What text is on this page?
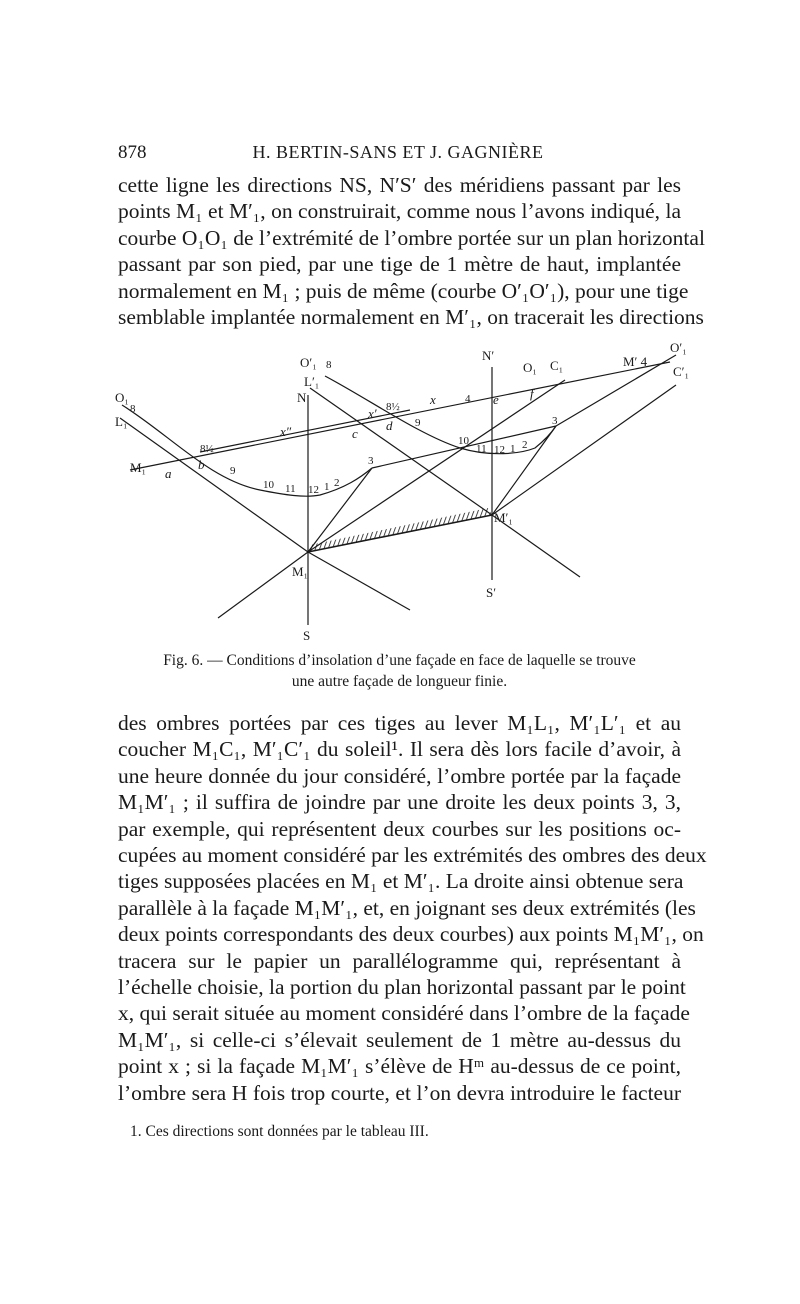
878	H. BERTIN-SANS ET J. GAGNIÈRE
cette ligne les directions NS, N′S′ des méridiens passant par les
points M₁ et M′₁, on construirait, comme nous l’avons indiqué, la
courbe O₁O₁ de l’extrémité de l’ombre portée sur un plan horizontal
passant par son pied, par une tige de 1 mètre de haut, implantée
normalement en M₁ ; puis de même (courbe O′₁O′₁), pour une tige
semblable implantée normalement en M′₁, on tracerait les directions
N
S
N′
S′
M₁
M′₁
M₁
O₁
L₁
O′₁
L′₁
O₁ C₁	M′ 4
O′₁
C′₁
x
x′
x″
a
b
c
d
e f
8
8½
9
10 11 12 1 2
3
8
8½
9
10
11 12 1 2
3
4
Fig. 6. — Conditions d’insolation d’une façade en face de laquelle se trouve
une autre façade de longueur finie.
des ombres portées par ces tiges au lever M₁L₁, M′₁L′₁ et au
coucher M₁C₁, M′₁C′₁ du soleil¹. Il sera dès lors facile d’avoir, à
une heure donnée du jour considéré, l’ombre portée par la façade
M₁M′₁ ; il suffira de joindre par une droite les deux points 3, 3,
par exemple, qui représentent deux courbes sur les positions oc-
cupées au moment considéré par les extrémités des ombres des deux
tiges supposées placées en M₁ et M′₁. La droite ainsi obtenue sera
parallèle à la façade M₁M′₁, et, en joignant ses deux extrémités (les
deux points correspondants des deux courbes) aux points M₁M′₁, on
tracera sur le papier un parallélogramme qui, représentant à
l’échelle choisie, la portion du plan horizontal passant par le point
x, qui serait située au moment considéré dans l’ombre de la façade
M₁M′₁, si celle-ci s’élevait seulement de 1 mètre au-dessus du
point x ; si la façade M₁M′₁ s’élève de Hᵐ au-dessus de ce point,
l’ombre sera H fois trop courte, et l’on devra introduire le facteur
1. Ces directions sont données par le tableau III.
